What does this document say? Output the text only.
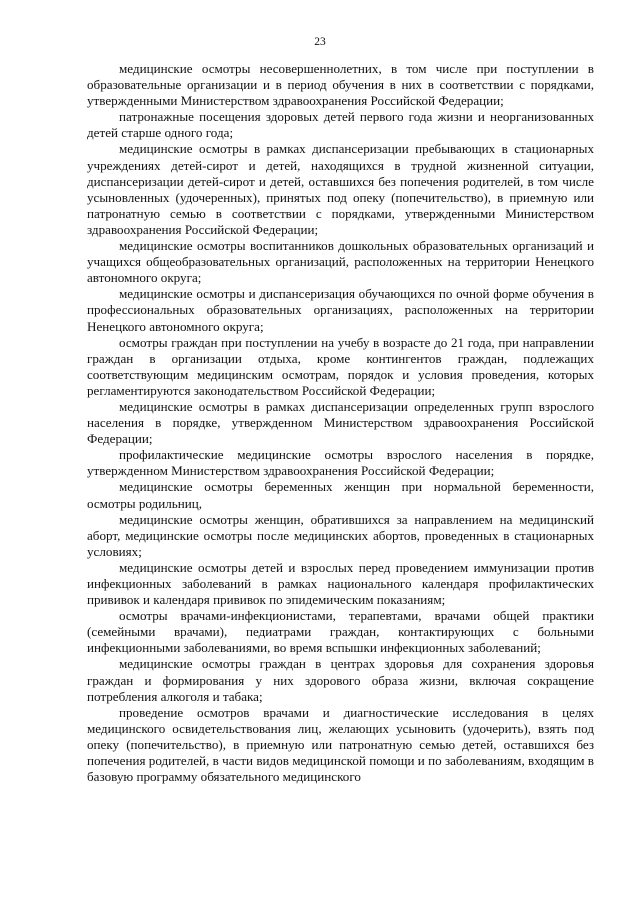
23

медицинские осмотры несовершеннолетних, в том числе при поступлении в образовательные организации и в период обучения в них в соответствии с порядками, утвержденными Министерством здравоохранения Российской Федерации;

патронажные посещения здоровых детей первого года жизни и неорганизованных детей старше одного года;

медицинские осмотры в рамках диспансеризации пребывающих в стационарных учреждениях детей-сирот и детей, находящихся в трудной жизненной ситуации, диспансеризации детей-сирот и детей, оставшихся без попечения родителей, в том числе усыновленных (удочеренных), принятых под опеку (попечительство), в приемную или патронатную семью в соответствии с порядками, утвержденными Министерством здравоохранения Российской Федерации;

медицинские осмотры воспитанников дошкольных образовательных организаций и учащихся общеобразовательных организаций, расположенных на территории Ненецкого автономного округа;

медицинские осмотры и диспансеризация обучающихся по очной форме обучения в профессиональных образовательных организациях, расположенных на территории Ненецкого автономного округа;

осмотры граждан при поступлении на учебу в возрасте до 21 года, при направлении граждан в организации отдыха, кроме контингентов граждан, подлежащих соответствующим медицинским осмотрам, порядок и условия проведения, которых регламентируются законодательством Российской Федерации;

медицинские осмотры в рамках диспансеризации определенных групп взрослого населения в порядке, утвержденном Министерством здравоохранения Российской Федерации;

профилактические медицинские осмотры взрослого населения в порядке, утвержденном Министерством здравоохранения Российской Федерации;

медицинские осмотры беременных женщин при нормальной беременности, осмотры родильниц,

медицинские осмотры женщин, обратившихся за направлением на медицинский аборт, медицинские осмотры после медицинских абортов, проведенных в стационарных условиях;

медицинские осмотры детей и взрослых перед проведением иммунизации против инфекционных заболеваний в рамках национального календаря профилактических прививок и календаря прививок по эпидемическим показаниям;

осмотры врачами-инфекционистами, терапевтами, врачами общей практики (семейными врачами), педиатрами граждан, контактирующих с больными инфекционными заболеваниями, во время вспышки инфекционных заболеваний;

медицинские осмотры граждан в центрах здоровья для сохранения здоровья граждан и формирования у них здорового образа жизни, включая сокращение потребления алкоголя и табака;

проведение осмотров врачами и диагностические исследования в целях медицинского освидетельствования лиц, желающих усыновить (удочерить), взять под опеку (попечительство), в приемную или патронатную семью детей, оставшихся без попечения родителей, в части видов медицинской помощи и по заболеваниям, входящим в базовую программу обязательного медицинского
